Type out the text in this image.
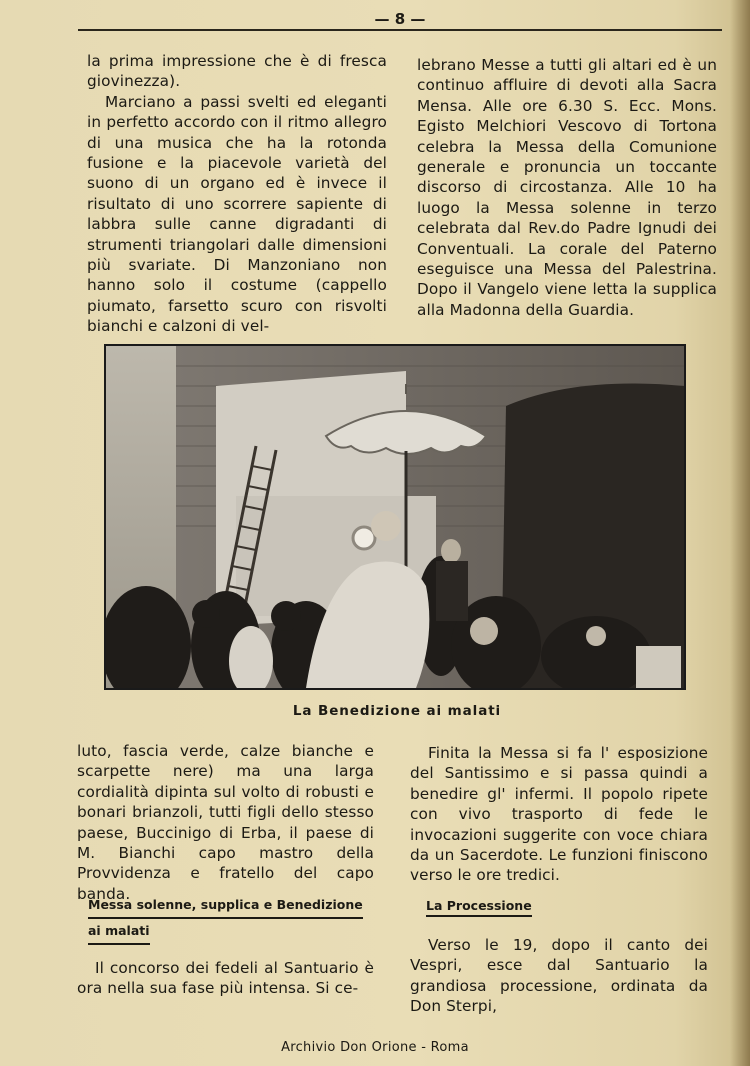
— 8 —

la prima impressione che è di fresca giovinezza).

Marciano a passi svelti ed eleganti in perfetto accordo con il ritmo allegro di una musica che ha la rotonda fusione e la piacevole varietà del suono di un organo ed è invece il risultato di uno scorrere sapiente di labbra sulle canne digradanti di strumenti triangolari dalle dimensioni più svariate. Di Manzoniano non hanno solo il costume (cappello piumato, farsetto scuro con risvolti bianchi e calzoni di vel-

lebrano Messe a tutti gli altari ed è un continuo affluire di devoti alla Sacra Mensa. Alle ore 6.30 S. Ecc. Mons. Egisto Melchiori Vescovo di Tortona celebra la Messa della Comunione generale e pronuncia un toccante discorso di circostanza. Alle 10 ha luogo la Messa solenne in terzo celebrata dal Rev.do Padre Ignudi dei Conventuali. La corale del Paterno eseguisce una Messa del Palestrina. Dopo il Vangelo viene letta la supplica alla Madonna della Guardia.

La Benedizione ai malati

luto, fascia verde, calze bianche e scarpette nere) ma una larga cordialità dipinta sul volto di robusti e bonari brianzoli, tutti figli dello stesso paese, Buccinigo di Erba, il paese di M. Bianchi capo mastro della Provvidenza e fratello del capo banda.

Messa solenne, supplica e Benedizione
ai malati

Il concorso dei fedeli al Santuario è ora nella sua fase più intensa. Si ce-

Finita la Messa si fa l' esposizione del Santissimo e si passa quindi a benedire gl' infermi. Il popolo ripete con vivo trasporto di fede le invocazioni suggerite con voce chiara da un Sacerdote. Le funzioni finiscono verso le ore tredici.

La Processione

Verso le 19, dopo il canto dei Vespri, esce dal Santuario la grandiosa processione, ordinata da Don Sterpi,

Archivio Don Orione - Roma
